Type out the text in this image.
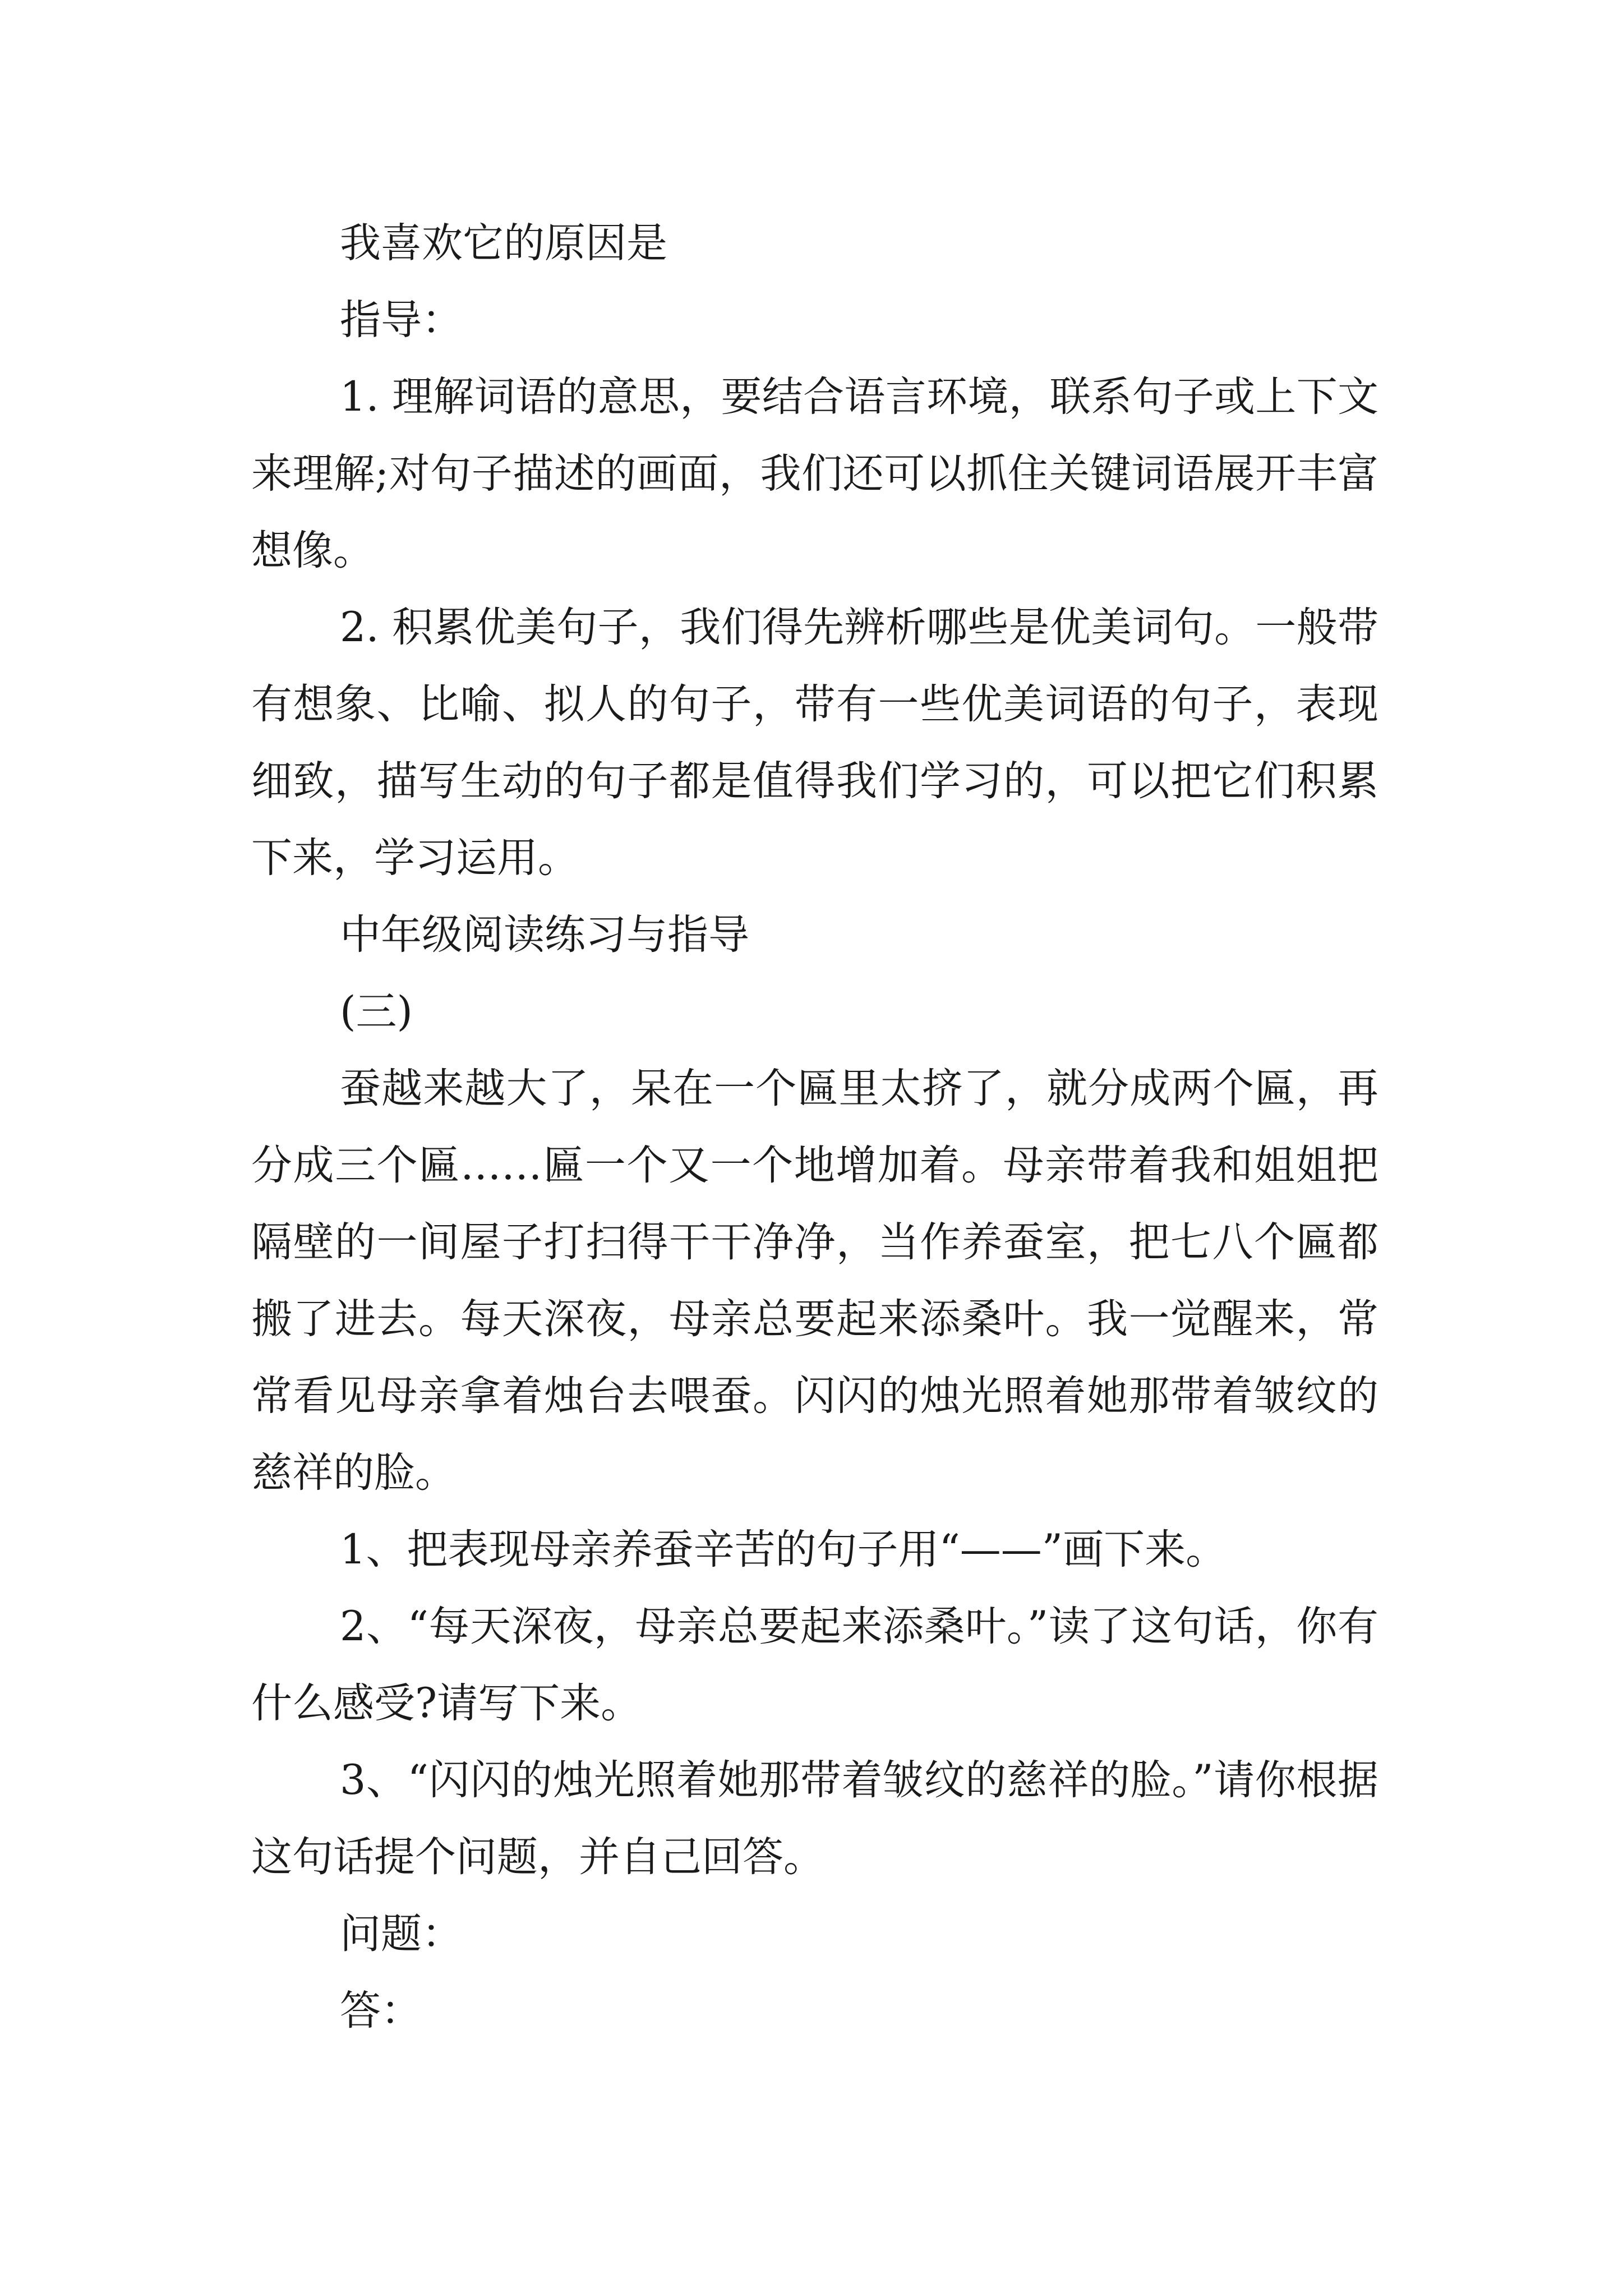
我喜欢它的原因是

指导：

1. 理解词语的意思，要结合语言环境，联系句子或上下文来理解;对句子描述的画面，我们还可以抓住关键词语展开丰富想像。

2. 积累优美句子，我们得先辨析哪些是优美词句。一般带有想象、比喻、拟人的句子，带有一些优美词语的句子，表现细致，描写生动的句子都是值得我们学习的，可以把它们积累下来，学习运用。

中年级阅读练习与指导

(三)

蚕越来越大了，呆在一个匾里太挤了，就分成两个匾，再分成三个匾……匾一个又一个地增加着。母亲带着我和姐姐把隔壁的一间屋子打扫得干干净净，当作养蚕室，把七八个匾都搬了进去。每天深夜，母亲总要起来添桑叶。我一觉醒来，常常看见母亲拿着烛台去喂蚕。闪闪的烛光照着她那带着皱纹的慈祥的脸。

1、把表现母亲养蚕辛苦的句子用“——”画下来。

2、“每天深夜，母亲总要起来添桑叶。”读了这句话，你有什么感受?请写下来。

3、“闪闪的烛光照着她那带着皱纹的慈祥的脸。”请你根据这句话提个问题，并自己回答。

问题：

答：
